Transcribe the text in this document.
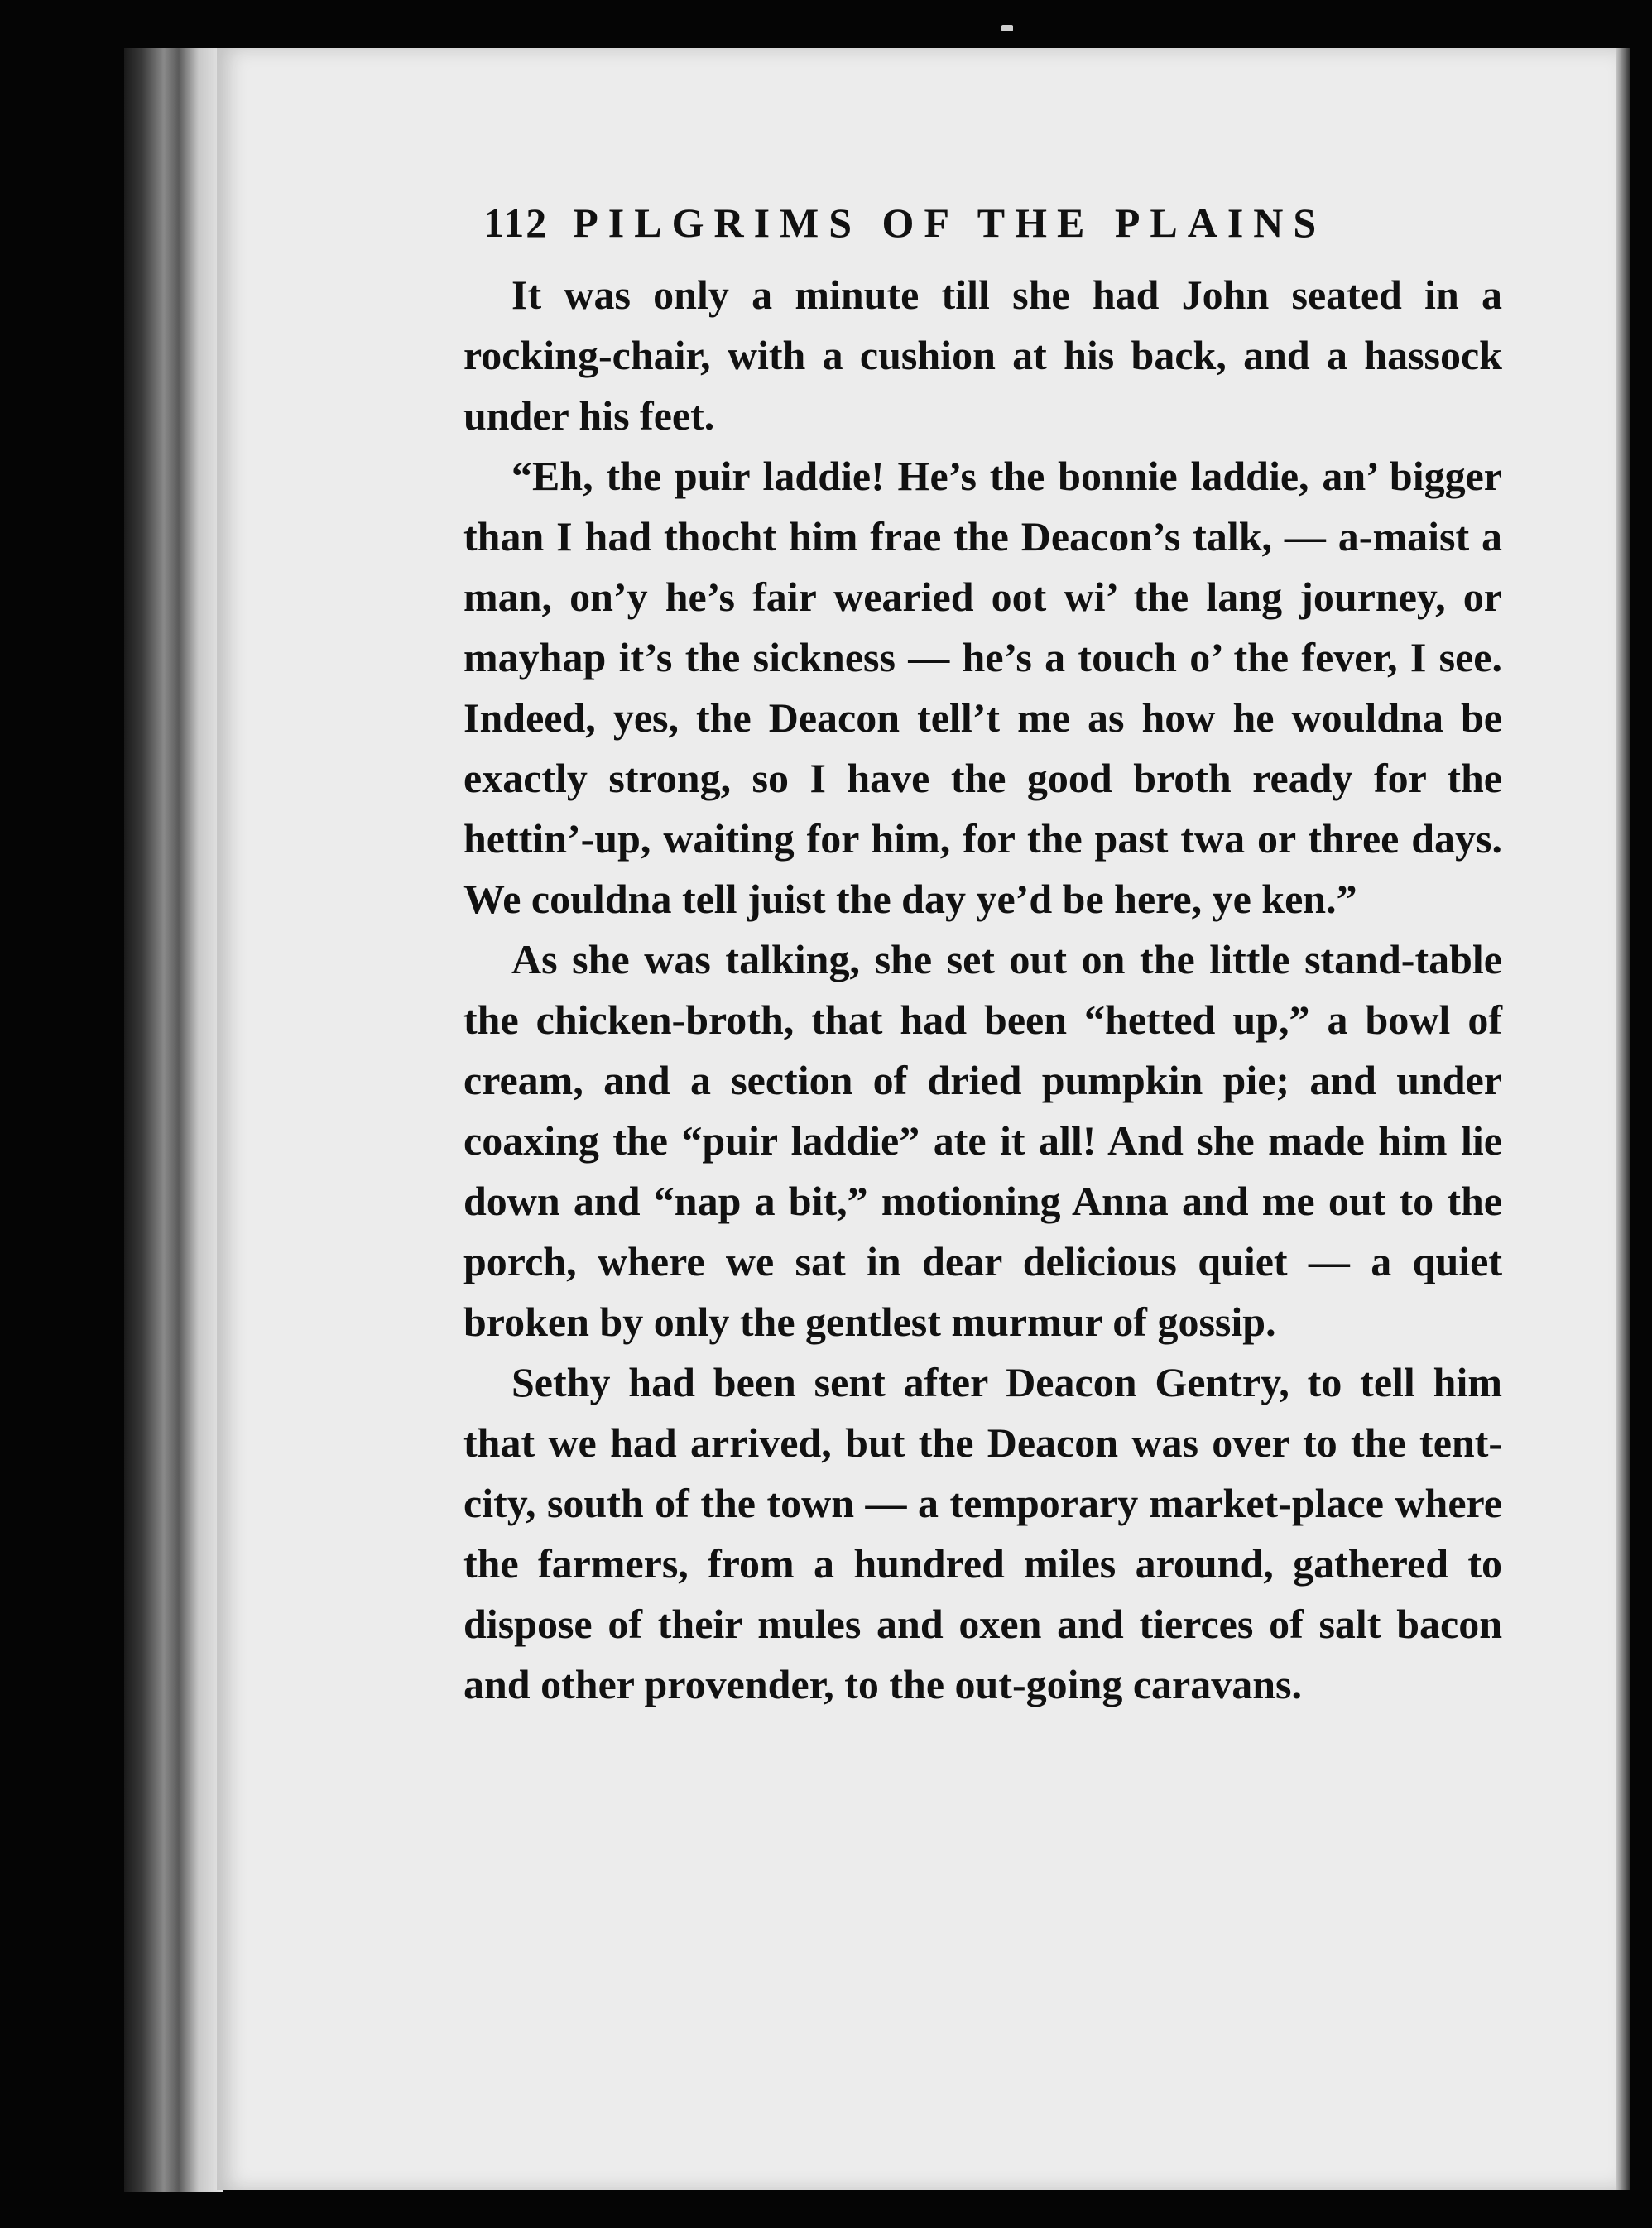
112 PILGRIMS OF THE PLAINS

It was only a minute till she had John seated in a rocking-chair, with a cushion at his back, and a hassock under his feet.

“Eh, the puir laddie! He’s the bonnie laddie, an’ bigger than I had thocht him frae the Deacon’s talk, — a-maist a man, on’y he’s fair wearied oot wi’ the lang journey, or mayhap it’s the sickness — he’s a touch o’ the fever, I see. Indeed, yes, the Deacon tell’t me as how he wouldna be exactly strong, so I have the good broth ready for the hettin’-up, waiting for him, for the past twa or three days. We couldna tell juist the day ye’d be here, ye ken.”

As she was talking, she set out on the little stand-table the chicken-broth, that had been “hetted up,” a bowl of cream, and a section of dried pumpkin pie; and under coaxing the “puir laddie” ate it all! And she made him lie down and “nap a bit,” motioning Anna and me out to the porch, where we sat in dear delicious quiet — a quiet broken by only the gentlest murmur of gossip.

Sethy had been sent after Deacon Gentry, to tell him that we had arrived, but the Deacon was over to the tent-city, south of the town — a temporary market-place where the farmers, from a hundred miles around, gathered to dispose of their mules and oxen and tierces of salt bacon and other provender, to the out-going caravans.
